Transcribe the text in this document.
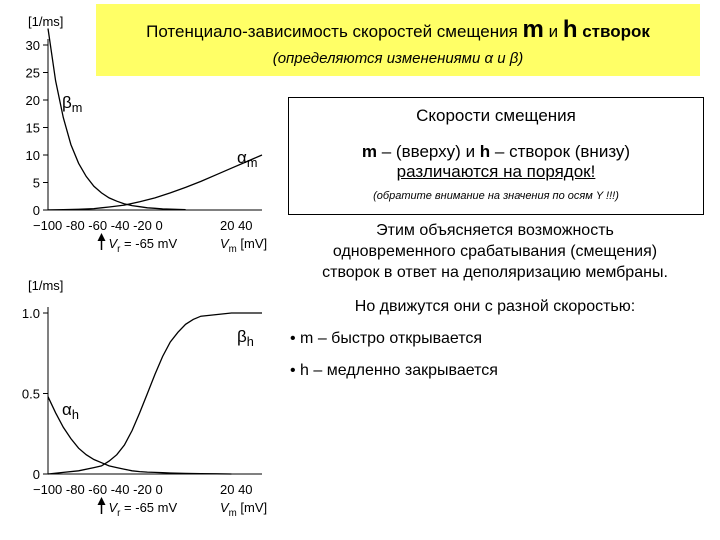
Потенциало-зависимость скоростей смещения m и h створок
(определяются изменениями α и β)
Скорости смещения
m – (вверху) и h – створок (внизу)
различаются на порядок!
(обратите внимание на значения по осям Y !!!)
Этим объясняется возможность
одновременного срабатывания (смещения)
створок в ответ на деполяризацию мембраны.
Но движутся они с разной скоростью:
• m – быстро открывается
• h – медленно закрывается
[1/ms]
30
25
20
15
10
5
0
−100 -80 -60 -40 -20 0	20 40
$V_r = -65$ mV	$V_m$ [mV]
$\beta_m$
$\alpha_m$
[1/ms]
1.0
0.5
0
−100 -80 -60 -40 -20 0	20 40
$V_r = -65$ mV	$V_m$ [mV]
$\beta_h$
$\alpha_h$
